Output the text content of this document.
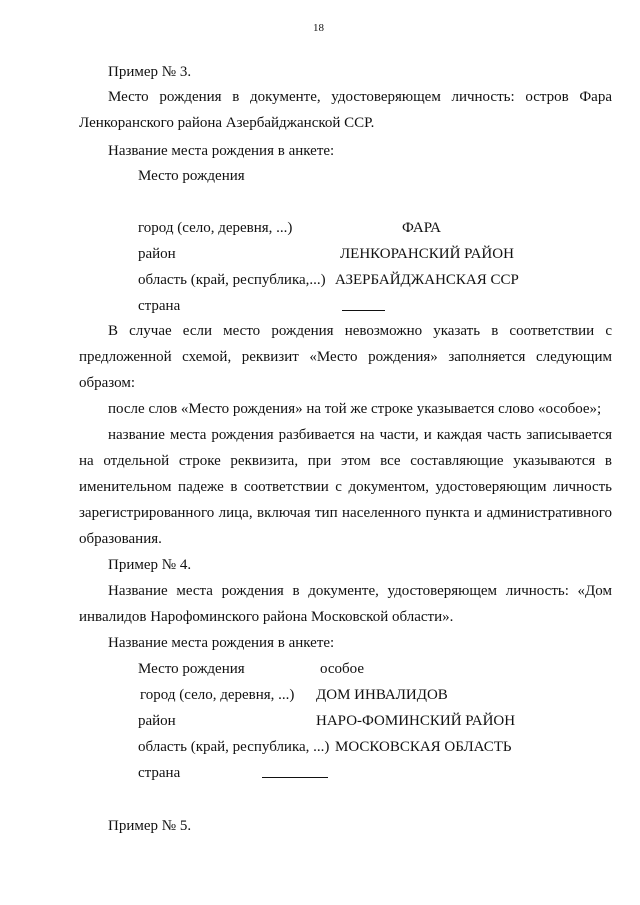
18
Пример № 3.
Место рождения в документе, удостоверяющем личность: остров Фара
Ленкоранского района Азербайджанской ССР.
Название места рождения в анкете:
Место рождения
город (село, деревня, ...)	ФАРА
район	ЛЕНКОРАНСКИЙ РАЙОН
область (край, республика,...) АЗЕРБАЙДЖАНСКАЯ ССР
страна
В случае если место рождения невозможно указать в соответствии с
предложенной схемой, реквизит «Место рождения» заполняется следующим
образом:
после слов «Место рождения» на той же строке указывается слово «особое»;
название места рождения разбивается на части, и каждая часть записывается
на отдельной строке реквизита, при этом все составляющие указываются в
именительном падеже в соответствии с документом, удостоверяющим личность
зарегистрированного лица, включая тип населенного пункта и административного
образования.
Пример № 4.
Название места рождения в документе, удостоверяющем личность: «Дом
инвалидов Нарофоминского района Московской области».
Название места рождения в анкете:
Место рождения	особое
город (село, деревня, ...) ДОМ ИНВАЛИДОВ
район	НАРО-ФОМИНСКИЙ РАЙОН
область (край, республика, ...) МОСКОВСКАЯ ОБЛАСТЬ
страна
Пример № 5.
